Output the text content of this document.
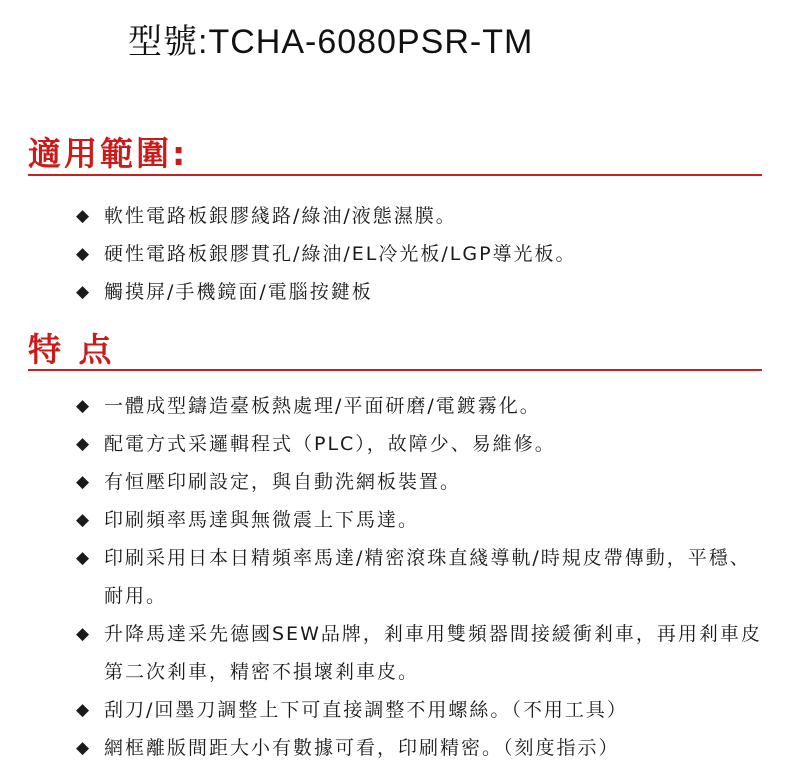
型號:TCHA-6080PSR-TM
適用範圍:
◆ 軟性電路板銀膠綫路/綠油/液態濕膜。
◆ 硬性電路板銀膠貫孔/綠油/EL冷光板/LGP導光板。
◆ 觸摸屏/手機鏡面/電腦按鍵板
特 点
◆ 一體成型鑄造臺板熱處理/平面研磨/電鍍霧化。
◆ 配電方式采邏輯程式（PLC），故障少、易維修。
◆ 有恒壓印刷設定，與自動洗網板裝置。
◆ 印刷頻率馬達與無微震上下馬達。
◆ 印刷采用日本日精頻率馬達/精密滾珠直綫導軌/時規皮帶傳動，平穩、耐用。
◆ 升降馬達采先德國SEW品牌，剎車用雙頻器間接緩衝剎車，再用剎車皮第二次剎車，精密不損壞剎車皮。
◆ 刮刀/回墨刀調整上下可直接調整不用螺絲。（不用工具）
◆ 網框離版間距大小有數據可看，印刷精密。（刻度指示）
